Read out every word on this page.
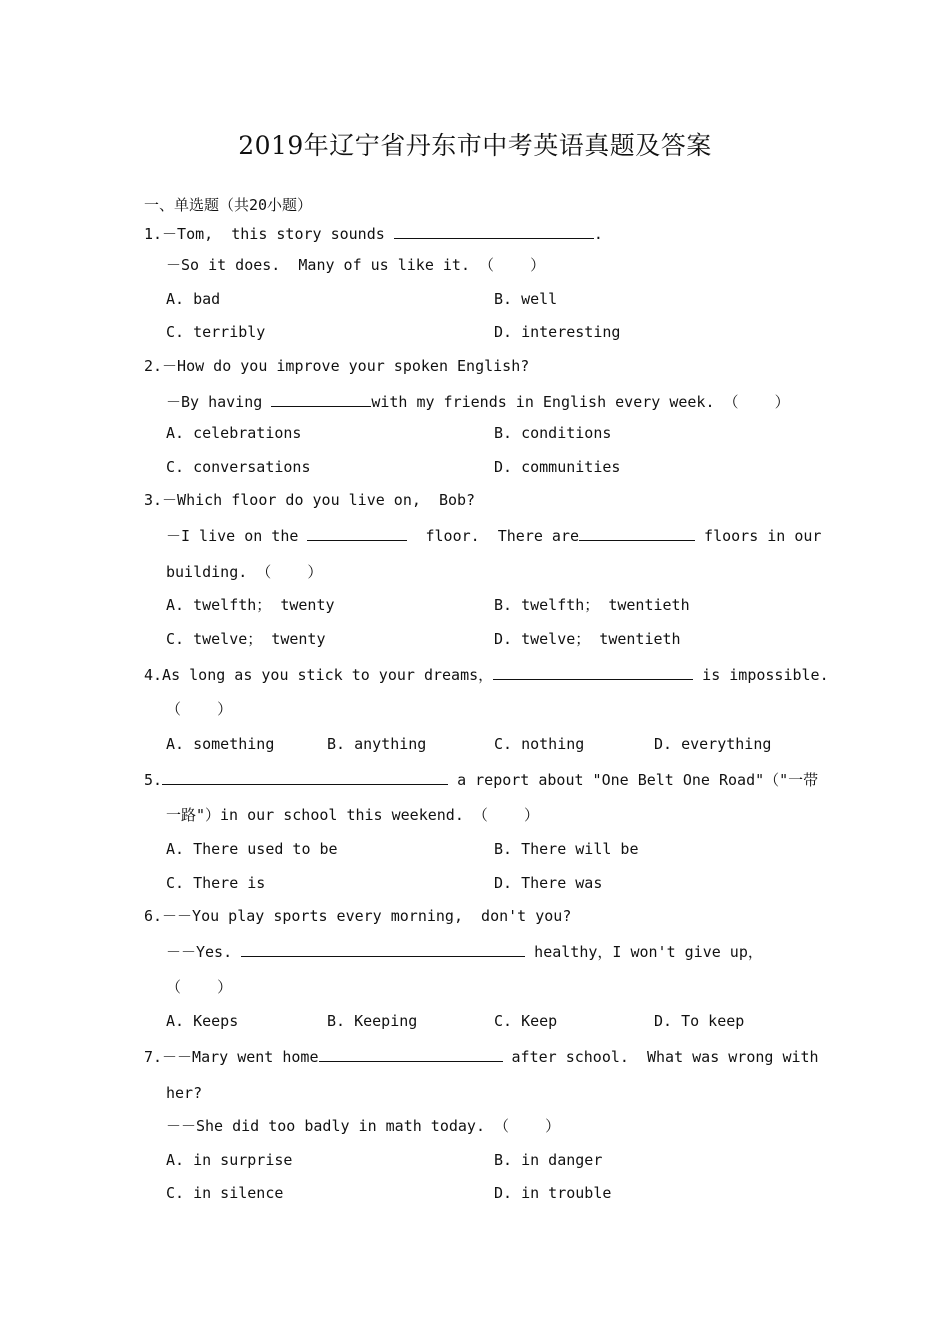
2019年辽宁省丹东市中考英语真题及答案
一、单选题（共20小题）
1.－Tom,  this story sounds	.
－So it does.  Many of us like it. （    ）
A. bad	B. well
C. terribly	D. interesting
2.－How do you improve your spoken English?
－By having	with my friends in English every week. （    ）
A. celebrations	B. conditions
C. conversations	D. communities
3.－Which floor do you live on,  Bob?
－I live on the	floor.  There are	floors in our
building. （    ）
A. twelfth； twenty	B. twelfth； twentieth
C. twelve； twenty	D. twelve； twentieth
4.As long as you stick to your dreams，	is impossible.
（    ）
A. something	B. anything	C. nothing	D. everything
5.	a report about "One Belt One Road"（"一带
一路"）in our school this weekend. （    ）
A. There used to be	B. There will be
C. There is	D. There was
6.－－You play sports every morning,  don't you?
－－Yes.	healthy，I won't give up，
（    ）
A. Keeps	B. Keeping	C. Keep	D. To keep
7.－－Mary went home	after school.  What was wrong with
her?
－－She did too badly in math today. （    ）
A. in surprise	B. in danger
C. in silence	D. in trouble
